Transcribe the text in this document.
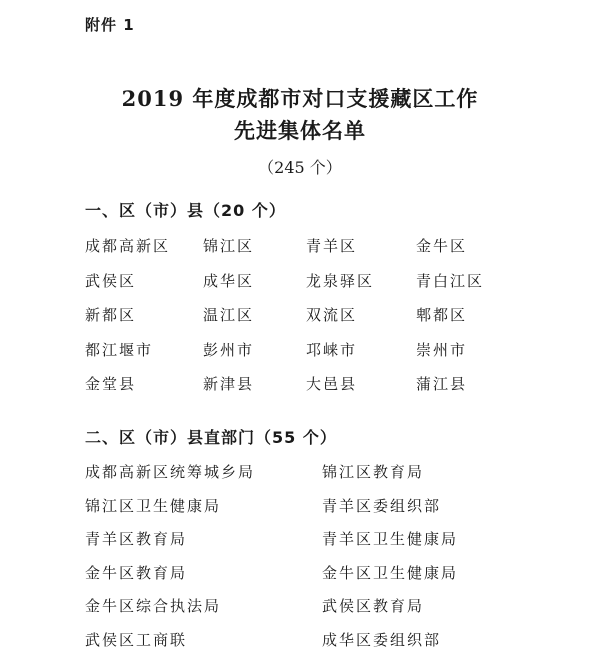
附件 1
2019 年度成都市对口支援藏区工作
先进集体名单
（245 个）
一、区（市）县（20 个）
成都高新区	锦江区	青羊区	金牛区
武侯区	成华区	龙泉驿区	青白江区
新都区	温江区	双流区	郫都区
都江堰市	彭州市	邛崃市	崇州市
金堂县	新津县	大邑县	蒲江县
二、区（市）县直部门（55 个）
成都高新区统筹城乡局	锦江区教育局
锦江区卫生健康局	青羊区委组织部
青羊区教育局	青羊区卫生健康局
金牛区教育局	金牛区卫生健康局
金牛区综合执法局	武侯区教育局
武侯区工商联	成华区委组织部
